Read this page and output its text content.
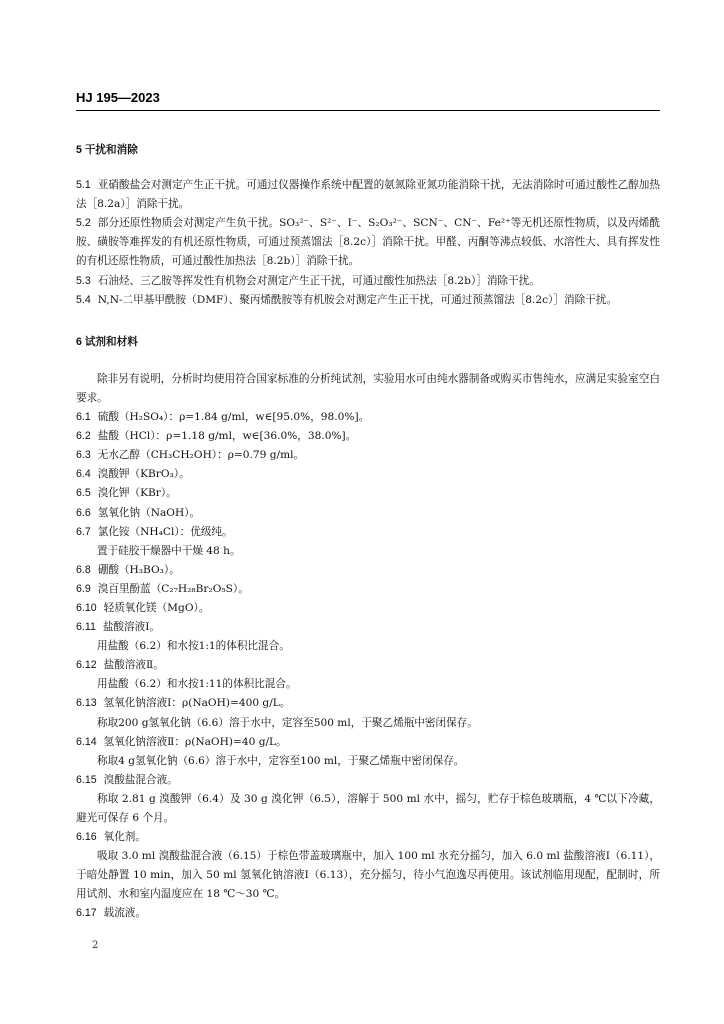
HJ 195—2023
5 干扰和消除
5.1 亚硝酸盐会对测定产生正干扰。可通过仪器操作系统中配置的氨氮除亚氮功能消除干扰，无法消除时可通过酸性乙醇加热法［8.2a）］消除干扰。
5.2 部分还原性物质会对测定产生负干扰。SO₃²⁻、S²⁻、I⁻、S₂O₃²⁻、SCN⁻、CN⁻、Fe²⁺等无机还原性物质，以及丙烯酰胺、磺胺等难挥发的有机还原性物质，可通过预蒸馏法［8.2c）］消除干扰。甲醛、丙酮等沸点较低、水溶性大、具有挥发性的有机还原性物质，可通过酸性加热法［8.2b）］消除干扰。
5.3 石油烃、三乙胺等挥发性有机物会对测定产生正干扰，可通过酸性加热法［8.2b）］消除干扰。
5.4 N,N-二甲基甲酰胺（DMF）、聚丙烯酰胺等有机胺会对测定产生正干扰，可通过预蒸馏法［8.2c）］消除干扰。
6 试剂和材料
除非另有说明，分析时均使用符合国家标准的分析纯试剂，实验用水可由纯水器制备或购买市售纯水，应满足实验室空白要求。
6.1 硫酸（H₂SO₄）：ρ=1.84 g/ml，w∈[95.0%，98.0%]。
6.2 盐酸（HCl）：ρ=1.18 g/ml，w∈[36.0%，38.0%]。
6.3 无水乙醇（CH₃CH₂OH）：ρ=0.79 g/ml。
6.4 溴酸钾（KBrO₃）。
6.5 溴化钾（KBr）。
6.6 氢氧化钠（NaOH）。
6.7 氯化铵（NH₄Cl）：优级纯。
置于硅胶干燥器中干燥 48 h。
6.8 硼酸（H₃BO₃）。
6.9 溴百里酚蓝（C₂₇H₂₈Br₂O₅S）。
6.10 轻质氧化镁（MgO）。
6.11 盐酸溶液Ⅰ。
用盐酸（6.2）和水按1:1的体积比混合。
6.12 盐酸溶液Ⅱ。
用盐酸（6.2）和水按1:11的体积比混合。
6.13 氢氧化钠溶液Ⅰ：ρ(NaOH)=400 g/L。
称取200 g氢氧化钠（6.6）溶于水中，定容至500 ml，于聚乙烯瓶中密闭保存。
6.14 氢氧化钠溶液Ⅱ：ρ(NaOH)=40 g/L。
称取4 g氢氧化钠（6.6）溶于水中，定容至100 ml，于聚乙烯瓶中密闭保存。
6.15 溴酸盐混合液。
称取 2.81 g 溴酸钾（6.4）及 30 g 溴化钾（6.5），溶解于 500 ml 水中，摇匀，贮存于棕色玻璃瓶，4 ℃以下冷藏，避光可保存 6 个月。
6.16 氧化剂。
吸取 3.0 ml 溴酸盐混合液（6.15）于棕色带盖玻璃瓶中，加入 100 ml 水充分摇匀，加入 6.0 ml 盐酸溶液Ⅰ（6.11），于暗处静置 10 min，加入 50 ml 氢氧化钠溶液Ⅰ（6.13），充分摇匀，待小气泡逸尽再使用。该试剂临用现配，配制时，所用试剂、水和室内温度应在 18 ℃～30 ℃。
6.17 载流液。
2
